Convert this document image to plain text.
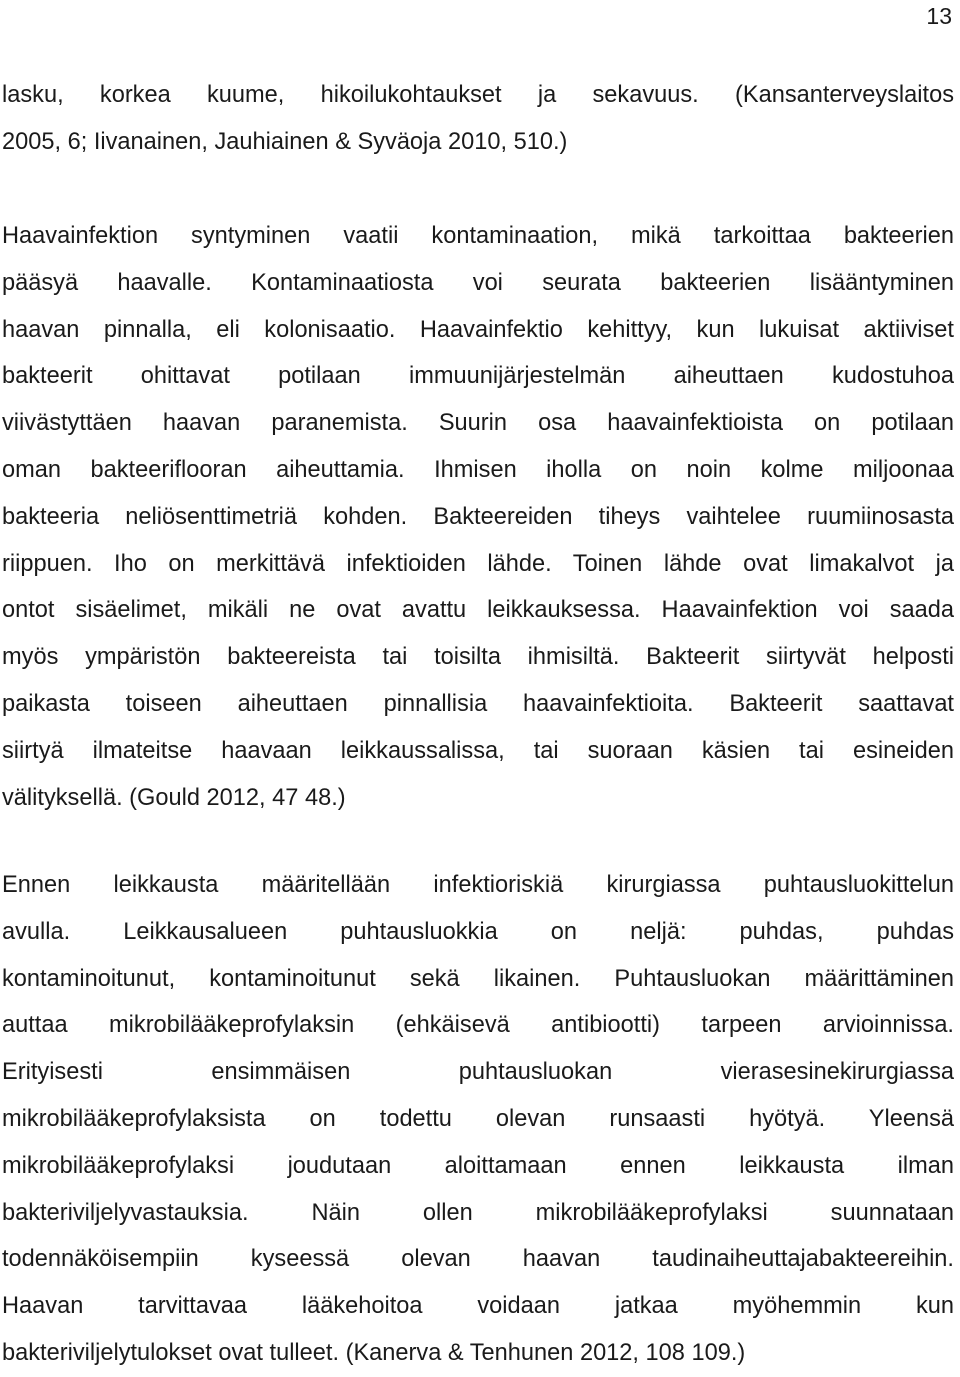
13
lasku, korkea kuume, hikoilukohtaukset ja sekavuus. (Kansanterveyslaitos
2005, 6; Iivanainen, Jauhiainen & Syväoja 2010, 510.)
Haavainfektion syntyminen vaatii kontaminaation, mikä tarkoittaa bakteerien
pääsyä haavalle. Kontaminaatiosta voi seurata bakteerien lisääntyminen
haavan pinnalla, eli kolonisaatio. Haavainfektio kehittyy, kun lukuisat aktiiviset
bakteerit ohittavat potilaan immuunijärjestelmän aiheuttaen kudostuhoa
viivästyttäen haavan paranemista. Suurin osa haavainfektioista on potilaan
oman bakteeriflooran aiheuttamia. Ihmisen iholla on noin kolme miljoonaa
bakteeria neliösenttimetriä kohden. Bakteereiden tiheys vaihtelee ruumiinosasta
riippuen. Iho on merkittävä infektioiden lähde. Toinen lähde ovat limakalvot ja
ontot sisäelimet, mikäli ne ovat avattu leikkauksessa. Haavainfektion voi saada
myös ympäristön bakteereista tai toisilta ihmisiltä. Bakteerit siirtyvät helposti
paikasta toiseen aiheuttaen pinnallisia haavainfektioita. Bakteerit saattavat
siirtyä ilmateitse haavaan leikkaussalissa, tai suoraan käsien tai esineiden
välityksellä. (Gould 2012, 47 48.)
Ennen leikkausta määritellään infektioriskiä kirurgiassa puhtausluokittelun
avulla. Leikkausalueen puhtausluokkia on neljä: puhdas, puhdas
kontaminoitunut, kontaminoitunut sekä likainen. Puhtausluokan määrittäminen
auttaa mikrobilääkeprofylaksin (ehkäisevä antibiootti) tarpeen arvioinnissa.
Erityisesti ensimmäisen puhtausluokan vierasesinekirurgiassa
mikrobilääkeprofylaksista on todettu olevan runsaasti hyötyä. Yleensä
mikrobilääkeprofylaksi joudutaan aloittamaan ennen leikkausta ilman
bakteriviljelyvastauksia. Näin ollen mikrobilääkeprofylaksi suunnataan
todennäköisempiin kyseessä olevan haavan taudinaiheuttajabakteereihin.
Haavan tarvittavaa lääkehoitoa voidaan jatkaa myöhemmin kun
bakteriviljelytulokset ovat tulleet. (Kanerva & Tenhunen 2012, 108 109.)
